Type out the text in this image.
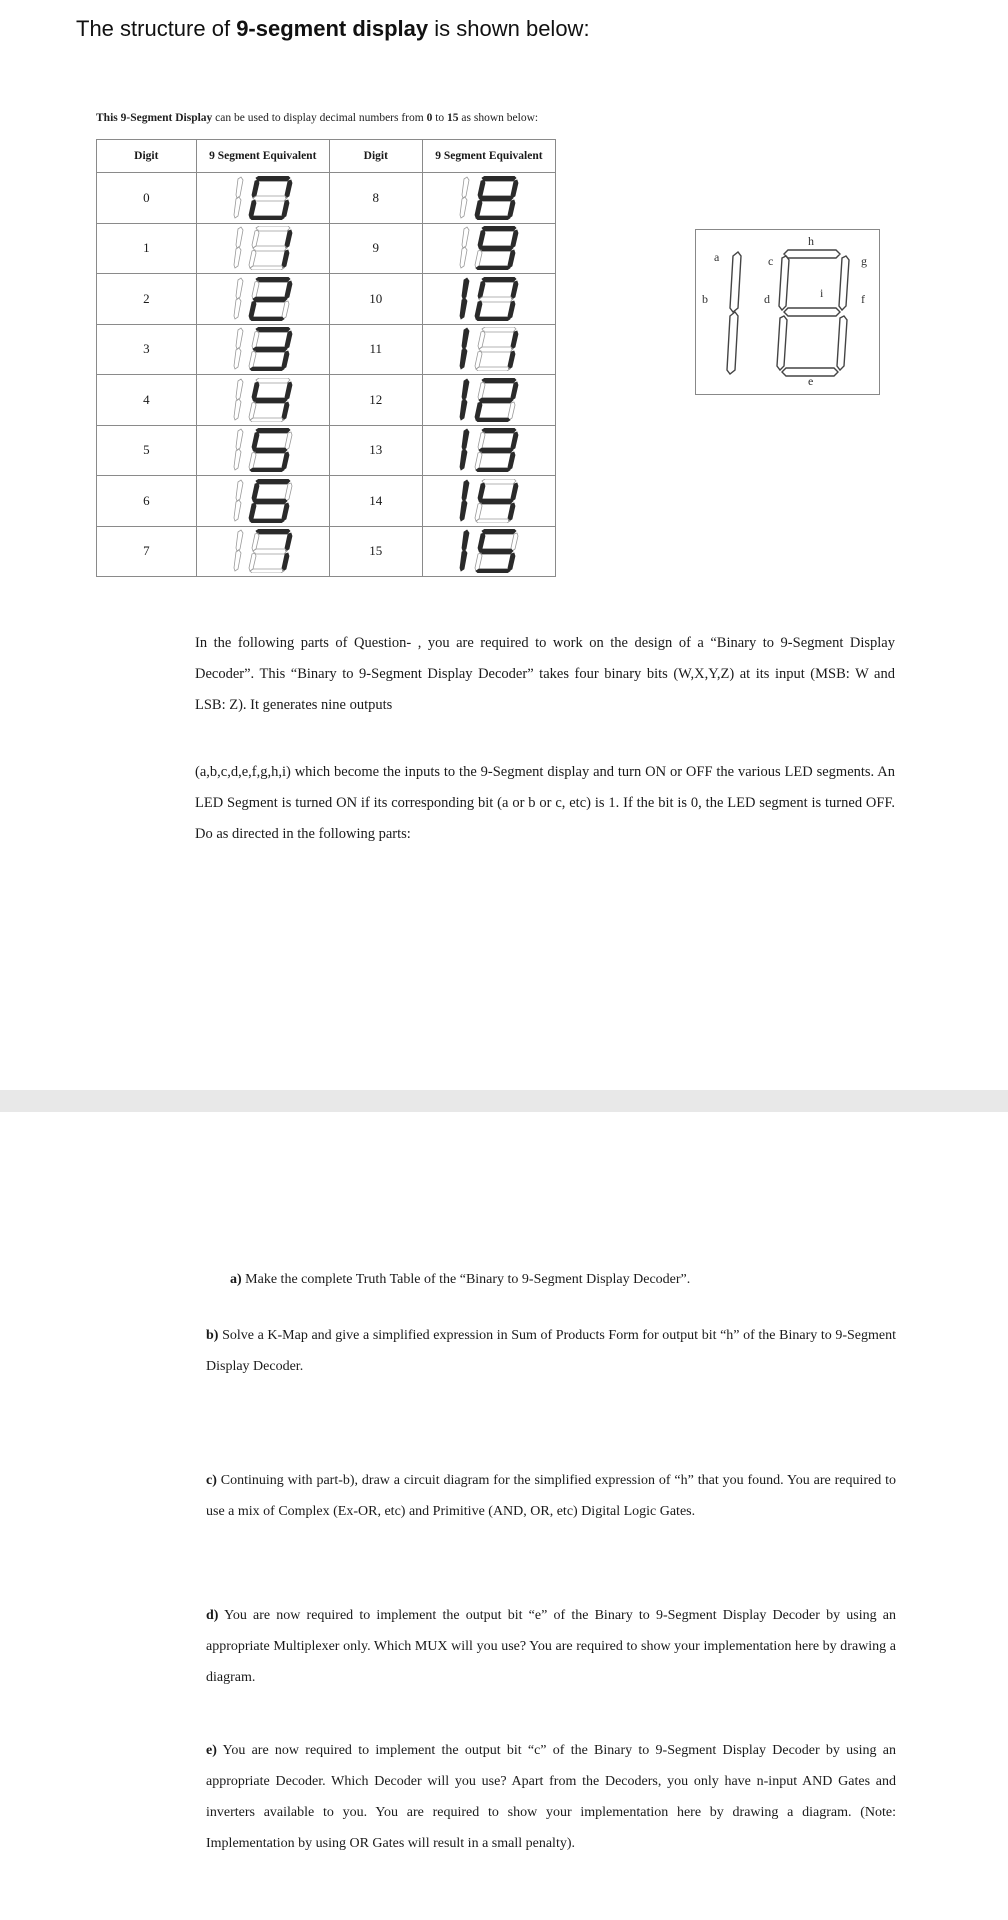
The structure of 9-segment display is shown below:
This 9-Segment Display can be used to display decimal numbers from 0 to 15 as shown below:
Digit	9 Segment Equivalent	Digit	9 Segment Equivalent
0		8	

1		9	

2		10	

3		11	

4		12	

5		13	

6		14	

7		15	
a
b
c
d
e
f
g
h
i
In the following parts of Question- , you are required to work on the design of a “Binary to 9-Segment Display Decoder”. This “Binary to 9-Segment Display Decoder” takes four binary bits (W,X,Y,Z) at its input (MSB: W and LSB: Z). It generates nine outputs
(a,b,c,d,e,f,g,h,i) which become the inputs to the 9-Segment display and turn ON or OFF the various LED segments. An LED Segment is turned ON if its corresponding bit (a or b or c, etc) is 1. If the bit is 0, the LED segment is turned OFF. Do as directed in the following parts:
a) Make the complete Truth Table of the “Binary to 9-Segment Display Decoder”.
b) Solve a K-Map and give a simplified expression in Sum of Products Form for output bit “h” of the Binary to 9-Segment Display Decoder.
c) Continuing with part-b), draw a circuit diagram for the simplified expression of “h” that you found. You are required to use a mix of Complex (Ex-OR, etc) and Primitive (AND, OR, etc) Digital Logic Gates.
d) You are now required to implement the output bit “e” of the Binary to 9-Segment Display Decoder by using an appropriate Multiplexer only. Which MUX will you use? You are required to show your implementation here by drawing a diagram.
e) You are now required to implement the output bit “c” of the Binary to 9-Segment Display Decoder by using an appropriate Decoder. Which Decoder will you use? Apart from the Decoders, you only have n-input AND Gates and inverters available to you. You are required to show your implementation here by drawing a diagram. (Note: Implementation by using OR Gates will result in a small penalty).
